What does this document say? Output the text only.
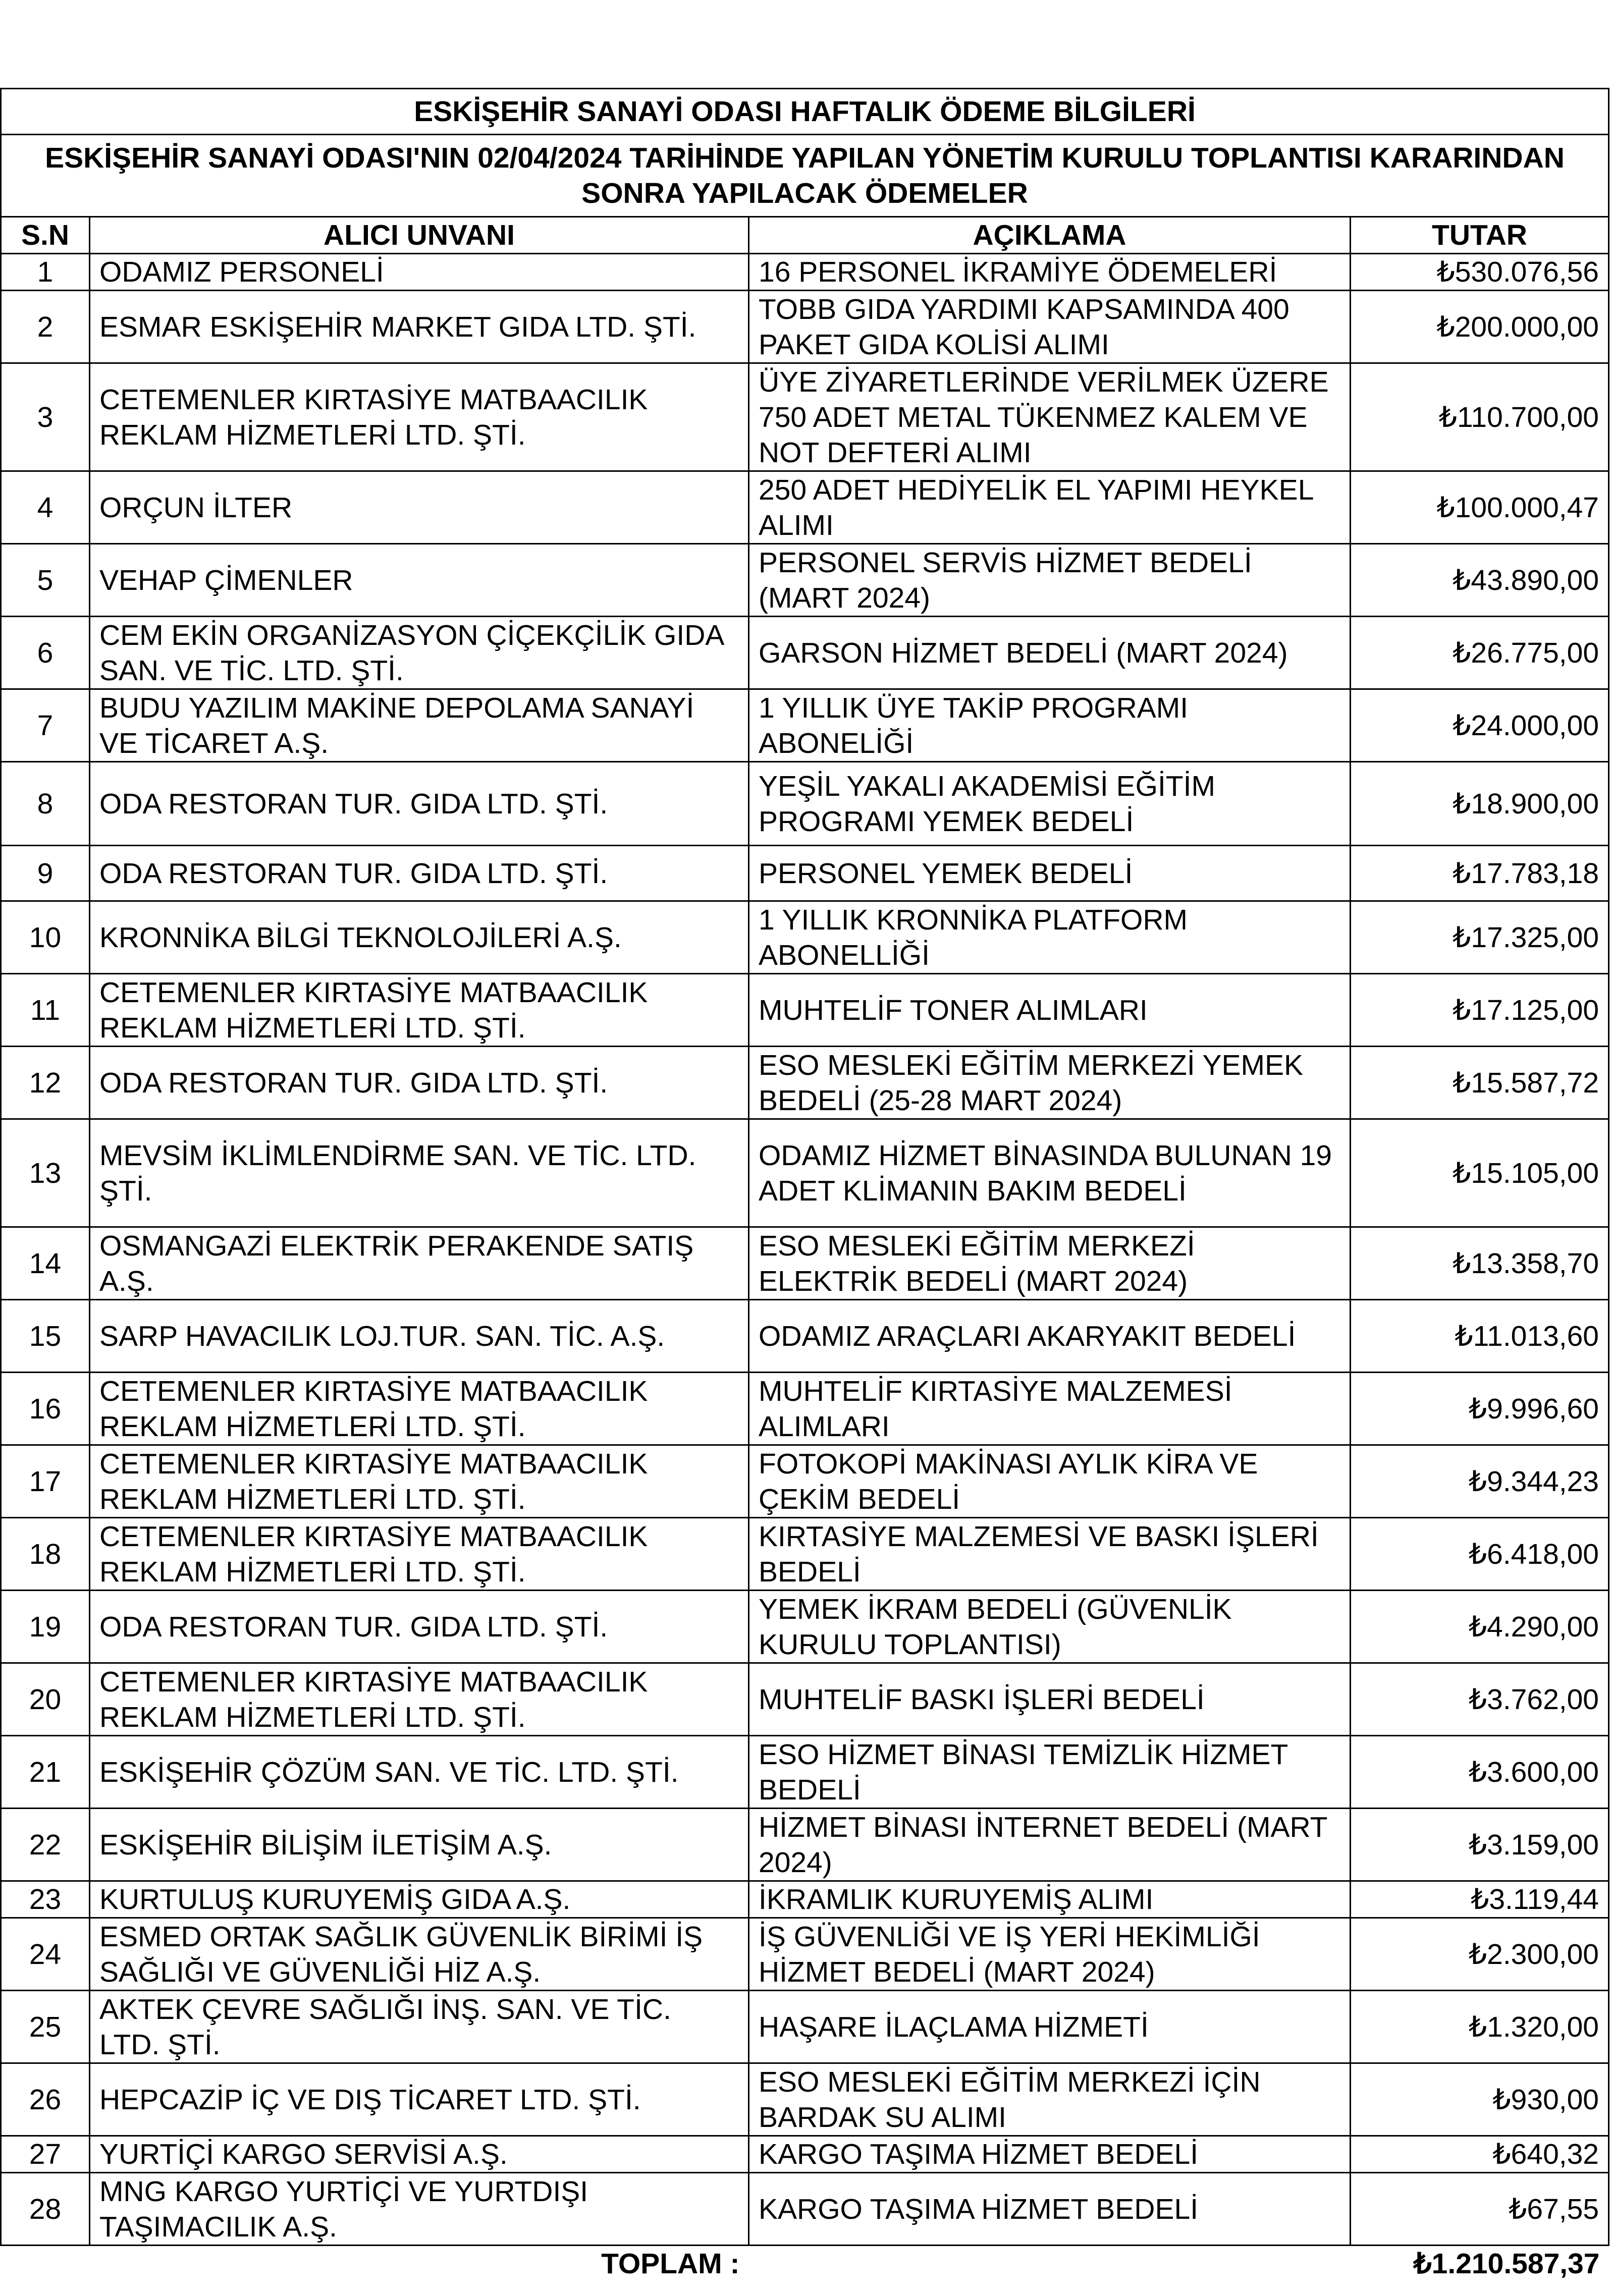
ESKİŞEHİR SANAYİ ODASI HAFTALIK ÖDEME BİLGİLERİ			
ESKİŞEHİR SANAYİ ODASI'NIN 02/04/2024 TARİHİNDE YAPILAN YÖNETİM KURULU TOPLANTISI KARARINDAN SONRA YAPILACAK ÖDEMELER			
S.N	ALICI UNVANI	AÇIKLAMA	TUTAR
1	ODAMIZ PERSONELİ	16 PERSONEL İKRAMİYE ÖDEMELERİ	₺530.076,56
2	ESMAR ESKİŞEHİR MARKET GIDA LTD. ŞTİ.	TOBB GIDA YARDIMI KAPSAMINDA 400 PAKET GIDA KOLİSİ ALIMI	₺200.000,00
3	CETEMENLER KIRTASİYE MATBAACILIK REKLAM HİZMETLERİ LTD. ŞTİ.	ÜYE ZİYARETLERİNDE VERİLMEK ÜZERE 750 ADET METAL TÜKENMEZ KALEM VE NOT DEFTERİ ALIMI	₺110.700,00
4	ORÇUN İLTER	250 ADET HEDİYELİK EL YAPIMI HEYKEL ALIMI	₺100.000,47
5	VEHAP ÇİMENLER	PERSONEL SERVİS HİZMET BEDELİ (MART 2024)	₺43.890,00
6	CEM EKİN ORGANİZASYON ÇİÇEKÇİLİK GIDA SAN. VE TİC. LTD. ŞTİ.	GARSON HİZMET BEDELİ (MART 2024)	₺26.775,00
7	BUDU YAZILIM MAKİNE DEPOLAMA SANAYİ VE TİCARET A.Ş.	1 YILLIK ÜYE TAKİP PROGRAMI ABONELİĞİ	₺24.000,00
8	ODA RESTORAN TUR. GIDA LTD. ŞTİ.	YEŞİL YAKALI AKADEMİSİ EĞİTİM PROGRAMI YEMEK BEDELİ	₺18.900,00
9	ODA RESTORAN TUR. GIDA LTD. ŞTİ.	PERSONEL YEMEK BEDELİ	₺17.783,18
10	KRONNİKA BİLGİ TEKNOLOJİLERİ A.Ş.	1 YILLIK KRONNİKA PLATFORM ABONELLİĞİ	₺17.325,00
11	CETEMENLER KIRTASİYE MATBAACILIK REKLAM HİZMETLERİ LTD. ŞTİ.	MUHTELİF TONER ALIMLARI	₺17.125,00
12	ODA RESTORAN TUR. GIDA LTD. ŞTİ.	ESO MESLEKİ EĞİTİM MERKEZİ YEMEK BEDELİ (25-28 MART 2024)	₺15.587,72
13	MEVSİM İKLİMLENDİRME SAN. VE TİC. LTD. ŞTİ.	ODAMIZ HİZMET BİNASINDA BULUNAN 19 ADET KLİMANIN BAKIM BEDELİ	₺15.105,00
14	OSMANGAZİ ELEKTRİK PERAKENDE SATIŞ A.Ş.	ESO MESLEKİ EĞİTİM MERKEZİ ELEKTRİK BEDELİ (MART 2024)	₺13.358,70
15	SARP HAVACILIK LOJ.TUR. SAN. TİC. A.Ş.	ODAMIZ ARAÇLARI AKARYAKIT BEDELİ	₺11.013,60
16	CETEMENLER KIRTASİYE MATBAACILIK REKLAM HİZMETLERİ LTD. ŞTİ.	MUHTELİF KIRTASİYE MALZEMESİ ALIMLARI	₺9.996,60
17	CETEMENLER KIRTASİYE MATBAACILIK REKLAM HİZMETLERİ LTD. ŞTİ.	FOTOKOPİ MAKİNASI AYLIK KİRA VE ÇEKİM BEDELİ	₺9.344,23
18	CETEMENLER KIRTASİYE MATBAACILIK REKLAM HİZMETLERİ LTD. ŞTİ.	KIRTASİYE MALZEMESİ VE BASKI İŞLERİ BEDELİ	₺6.418,00
19	ODA RESTORAN TUR. GIDA LTD. ŞTİ.	YEMEK İKRAM BEDELİ (GÜVENLİK KURULU TOPLANTISI)	₺4.290,00
20	CETEMENLER KIRTASİYE MATBAACILIK REKLAM HİZMETLERİ LTD. ŞTİ.	MUHTELİF BASKI İŞLERİ BEDELİ	₺3.762,00
21	ESKİŞEHİR ÇÖZÜM SAN. VE TİC. LTD. ŞTİ.	ESO HİZMET BİNASI TEMİZLİK HİZMET BEDELİ	₺3.600,00
22	ESKİŞEHİR BİLİŞİM İLETİŞİM A.Ş.	HİZMET BİNASI İNTERNET BEDELİ (MART 2024)	₺3.159,00
23	KURTULUŞ KURUYEMİŞ GIDA A.Ş.	İKRAMLIK KURUYEMİŞ ALIMI	₺3.119,44
24	ESMED ORTAK SAĞLIK GÜVENLİK BİRİMİ İŞ SAĞLIĞI VE GÜVENLİĞİ HİZ A.Ş.	İŞ GÜVENLİĞİ VE İŞ YERİ HEKİMLİĞİ HİZMET BEDELİ (MART 2024)	₺2.300,00
25	AKTEK ÇEVRE SAĞLIĞI İNŞ. SAN. VE TİC. LTD. ŞTİ.	HAŞARE İLAÇLAMA HİZMETİ	₺1.320,00
26	HEPCAZİP İÇ VE DIŞ TİCARET LTD. ŞTİ.	ESO MESLEKİ EĞİTİM MERKEZİ İÇİN BARDAK SU ALIMI	₺930,00
27	YURTİÇİ KARGO SERVİSİ A.Ş.	KARGO TAŞIMA HİZMET BEDELİ	₺640,32
28	MNG KARGO YURTİÇİ VE YURTDIŞI TAŞIMACILIK A.Ş.	KARGO TAŞIMA HİZMET BEDELİ	₺67,55
	TOPLAM :		₺1.210.587,37
